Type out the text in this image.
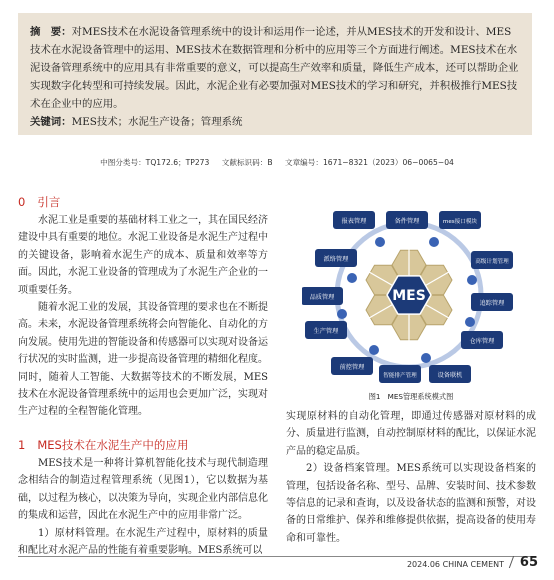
摘　要：对MES技术在水泥设备管理系统中的设计和运用作一论述，并从MES技术的开发和设计、MES技术在水泥设备管理中的运用、MES技术在数据管理和分析中的应用等三个方面进行阐述。MES技术在水泥设备管理系统中的应用具有非常重要的意义，可以提高生产效率和质量，降低生产成本，还可以帮助企业实现数字化转型和可持续发展。因此，水泥企业有必要加强对MES技术的学习和研究，并积极推行MES技术在企业中的应用。
关键词：MES技术；水泥生产设备；管理系统
中图分类号：TQ172.6；TP273 文献标识码：B 文章编号：1671−8321（2023）06−0065−04
0 引言

水泥工业是重要的基础材料工业之一，其在国民经济建设中具有重要的地位。水泥工业设备是水泥生产过程中的关键设备，影响着水泥生产的成本、质量和效率等方面。因此，水泥工业设备的管理成为了水泥生产企业的一项重要任务。

随着水泥工业的发展，其设备管理的要求也在不断提高。未来，水泥设备管理系统将会向智能化、自动化的方向发展。使用先进的智能设备和传感器可以实现对设备运行状况的实时监测，进一步提高设备管理的精细化程度。同时，随着人工智能、大数据等技术的不断发展，MES技术在水泥设备管理系统中的运用也会更加广泛，实现对生产过程的全程智能化管理。

1 MES技术在水泥生产中的应用

MES技术是一种将计算机智能化技术与现代制造理念相结合的制造过程管理系统（见图1），它以数据为基础，以过程为核心，以决策为导向，实现企业内部信息化的集成和运营，因此在水泥生产中的应用非常广泛。

1）原材料管理。在水泥生产过程中，原材料的质量和配比对水泥产品的性能有着重要影响。MES系统可以

MES
报表管理	备件管理	mes接口模块
高级计划管理
追踪管理
仓库管理
设备联机
智能排产管理
前控管理
生产管理
品质管理
派络管理
图1　MES管理系统模式图

实现原材料的自动化管理，即通过传感器对原材料的成分、质量进行监测，自动控制原材料的配比，以保证水泥产品的稳定品质。

2）设备档案管理。MES系统可以实现设备档案的管理，包括设备名称、型号、品牌、安装时间、技术参数等信息的记录和查询，以及设备状态的监测和预警，对设备的日常维护、保养和维修提供依据，提高设备的使用寿命和可靠性。

2024.06 CHINA CEMENT 65
